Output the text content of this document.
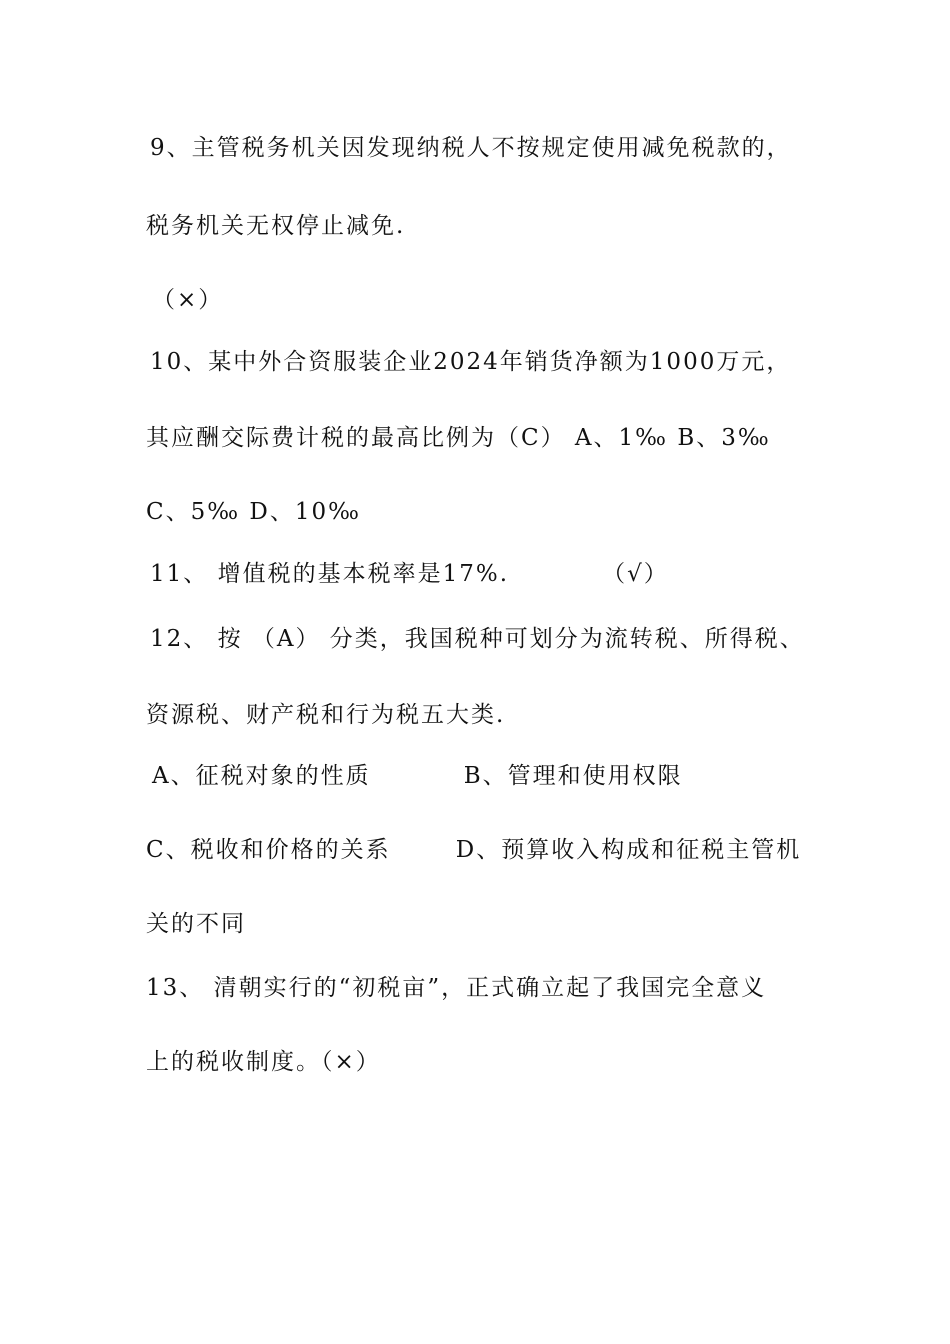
9、主管税务机关因发现纳税人不按规定使用减免税款的，
税务机关无权停止减免.
（×）
10、某中外合资服装企业2024年销货净额为1000万元，
其应酬交际费计税的最高比例为（C） A、1‰ B、3‰
C、5‰ D、10‰
11、 增值税的基本税率是17%.          （√）
12、 按 （A） 分类，我国税种可划分为流转税、所得税、
资源税、财产税和行为税五大类.
A、征税对象的性质          B、管理和使用权限
C、税收和价格的关系       D、预算收入构成和征税主管机
关的不同
13、 清朝实行的“初税亩”，正式确立起了我国完全意义
上的税收制度。（×）
